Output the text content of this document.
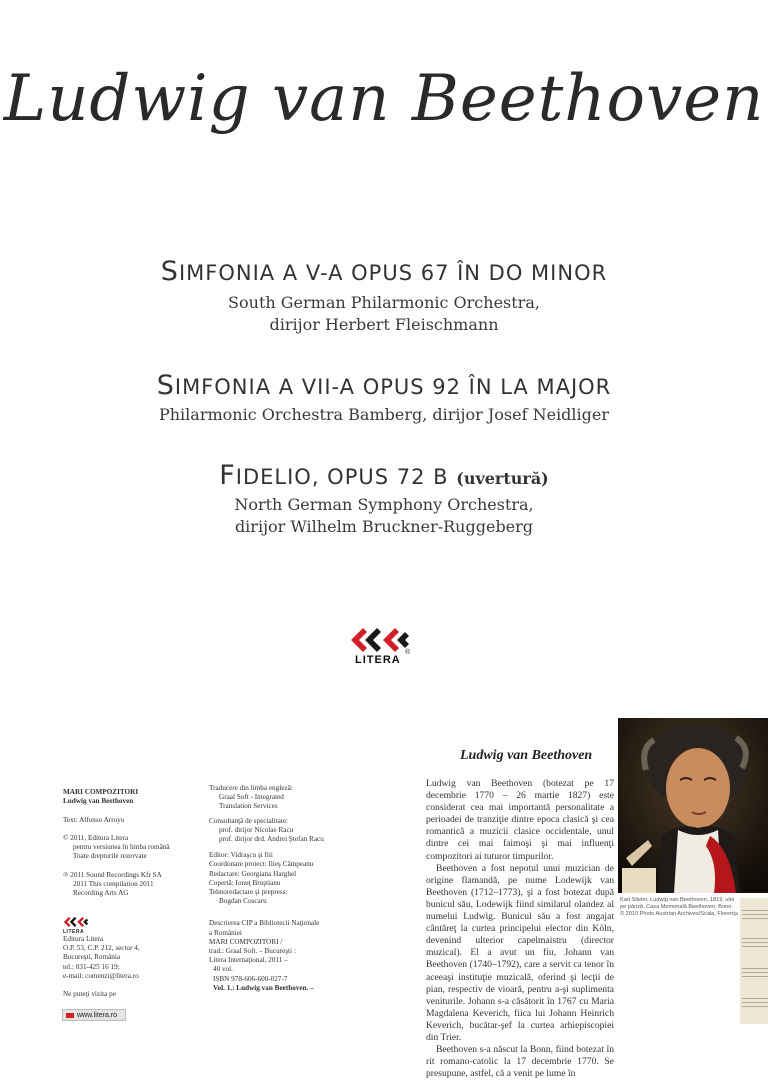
Ludwig van Beethoven
SIMFONIA A V-A OPUS 67 ÎN DO MINOR
South German Philarmonic Orchestra,
dirijor Herbert Fleischmann
SIMFONIA A VII-A OPUS 92 ÎN LA MAJOR
Philarmonic Orchestra Bamberg, dirijor Josef Neidliger
FIDELIO, OPUS 72 B (uvertură)
North German Symphony Orchestra,
dirijor Wilhelm Bruckner-Ruggeberg
LITERA
®
MARI COMPOZITORI
Ludwig van Beethoven
Text: Alfonso Arroyo
© 2011, Editura Litera
pentru versiunea în limba română
Toate drepturile rezervate
℗ 2011 Sound Recordings Kfr SA
2011 This compilation 2011
Recording Arts AG
LITERA
Editura Litera
O.P. 53, C.P. 212, sector 4,
Bucureşti, România
tel.: 031-425 16 19;
e-mail: comenzi@litera.ro
Ne puteţi vizita pe
www.litera.ro
Traducere din limba engleză:
Graal Soft - Integrated
Translation Services
Consultanţă de specialitate:
prof. dirijor Nicolae Racu
prof. dirijor drd. Andrei Ştefan Racu
Editor: Vidraşcu şi fiii
Coordonare proiect: Ilieş Câmpeanu
Redactare: Georgiana Harghel
Copertă: Ionuţ Broştianu
Tehnoredactare şi prepress:
Bogdan Coscaru
Descrierea CIP a Bibliotecii Naţionale
a României
MARI COMPOZITORI /
trad.: Graal Soft. – Bucureşti :
Litera Internaţional, 2011 –
40 vol.
ISBN 978-606-600-027-7
Vol. 1.: Ludwig van Beethoven. –
Ludwig van Beethoven

Ludwig van Beethoven (botezat pe 17 decembrie 1770 – 26 martie 1827) este considerat cea mai importantă personalitate a perioadei de tranziţie dintre epoca clasică şi cea romantică a muzicii clasice occidentale, unul dintre cei mai faimoşi şi mai influenţi compozitori ai tuturor timpurilor.

Beethoven a fost nepotul unui muzician de origine flamandă, pe nume Lodewijk van Beethoven (1712–1773), şi a fost botezat după bunicul său, Lodewijk fiind similarul olandez al numelui Ludwig. Bunicul său a fost angajat cântăreţ la curtea principelui elector din Köln, devenind ulterior capelmaistru (director muzical). El a avut un fiu, Johann van Beethoven (1740–1792), care a servit ca tenor în aceeaşi instituţie muzicală, oferind şi lecţii de pian, respectiv de vioară, pentru a-şi suplimenta veniturile. Johann s-a căsătorit în 1767 cu Maria Magdalena Keverich, fiica lui Johann Heinrich Keverich, bucătar-şef la curtea arhiepiscopiei din Trier.

Beethoven s-a născut la Bonn, fiind botezat în rit romano-catolic la 17 decembrie 1770. Se presupune, astfel, că a venit pe lume în

Karl Stieler, Ludwig van Beethoven, 1819, ulei pe pânză. Casa Memorială Beethoven, Bonn. © 2010 Photo Austrian Archives/Scala, Florenţa
